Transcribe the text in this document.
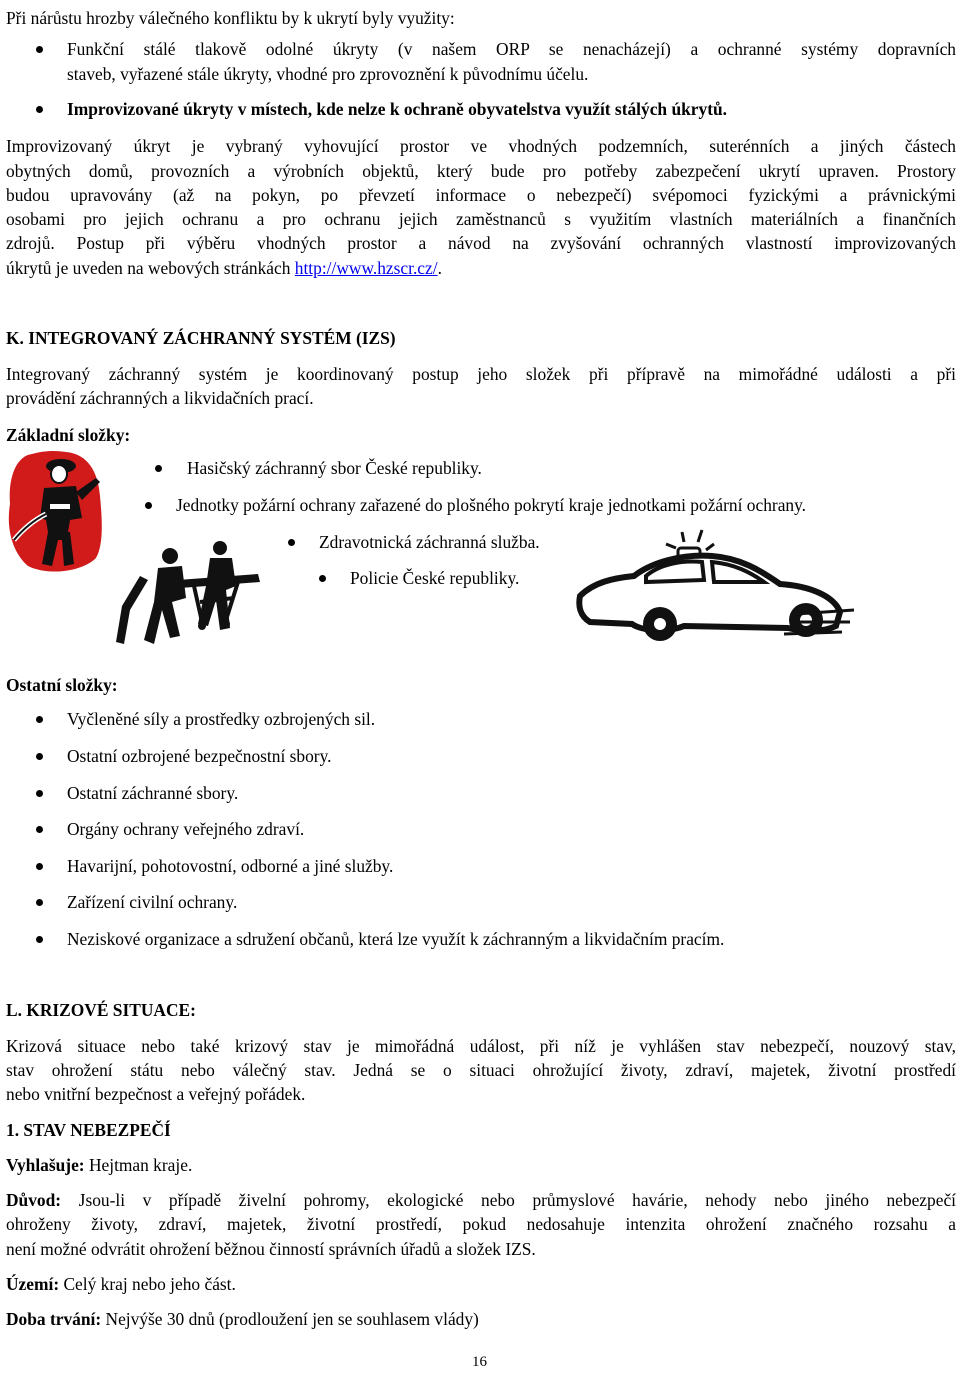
Při nárůstu hrozby válečného konfliktu by k ukrytí byly využity:
Funkční stálé tlakově odolné úkryty (v našem ORP se nenacházejí) a ochranné systémy dopravních
staveb, vyřazené stále úkryty, vhodné pro zprovoznění k původnímu účelu.
Improvizované úkryty v místech, kde nelze k ochraně obyvatelstva využít stálých úkrytů.
Improvizovaný úkryt je vybraný vyhovující prostor ve vhodných podzemních, suterénních a jiných částech
obytných domů, provozních a výrobních objektů, který bude pro potřeby zabezpečení ukrytí upraven. Prostory
budou upravovány (až na pokyn, po převzetí informace o nebezpečí) svépomoci fyzickými a právnickými
osobami pro jejich ochranu a pro ochranu jejich zaměstnanců s využitím vlastních materiálních a finančních
zdrojů. Postup při výběru vhodných prostor a návod na zvyšování ochranných vlastností improvizovaných
úkrytů je uveden na webových stránkách http://www.hzscr.cz/.
K. INTEGROVANÝ ZÁCHRANNÝ SYSTÉM (IZS)
Integrovaný záchranný systém je koordinovaný postup jeho složek při přípravě na mimořádné události a při
provádění záchranných a likvidačních prací.
Základní složky:
Hasičský záchranný sbor České republiky.
Jednotky požární ochrany zařazené do plošného pokrytí kraje jednotkami požární ochrany.
Zdravotnická záchranná služba.
Policie České republiky.
Ostatní složky:
Vyčleněné síly a prostředky ozbrojených sil.
Ostatní ozbrojené bezpečnostní sbory.
Ostatní záchranné sbory.
Orgány ochrany veřejného zdraví.
Havarijní, pohotovostní, odborné a jiné služby.
Zařízení civilní ochrany.
Neziskové organizace a sdružení občanů, která lze využít k záchranným a likvidačním pracím.
L. KRIZOVÉ SITUACE:
Krizová situace nebo také krizový stav je mimořádná událost, při níž je vyhlášen stav nebezpečí, nouzový stav,
stav ohrožení státu nebo válečný stav. Jedná se o situaci ohrožující životy, zdraví, majetek, životní prostředí
nebo vnitřní bezpečnost a veřejný pořádek.
1. STAV NEBEZPEČÍ
Vyhlašuje: Hejtman kraje.
Důvod: Jsou-li v případě živelní pohromy, ekologické nebo průmyslové havárie, nehody nebo jiného nebezpečí
ohroženy životy, zdraví, majetek, životní prostředí, pokud nedosahuje intenzita ohrožení značného rozsahu a
není možné odvrátit ohrožení běžnou činností správních úřadů a složek IZS.
Území: Celý kraj nebo jeho část.
Doba trvání: Nejvýše 30 dnů (prodloužení jen se souhlasem vlády)
16
